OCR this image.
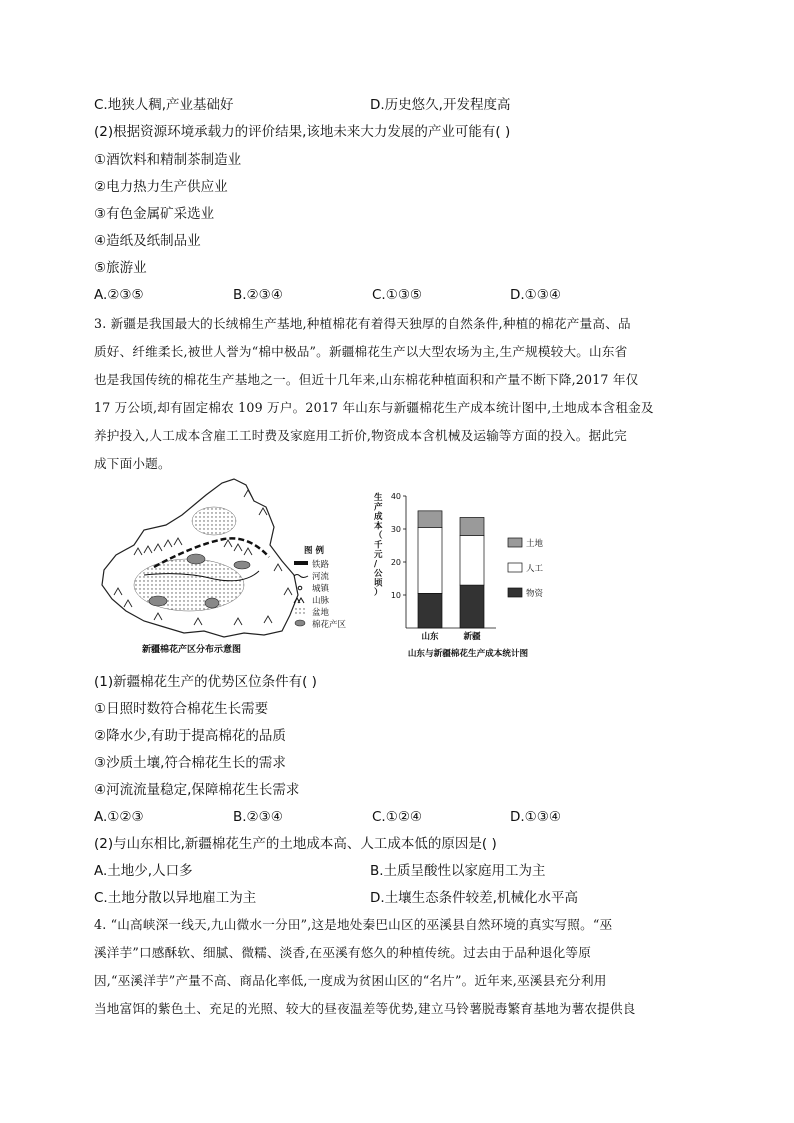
C.地狭人稠,产业基础好	D.历史悠久,开发程度高
(2)根据资源环境承载力的评价结果,该地未来大力发展的产业可能有( )
①酒饮料和精制茶制造业
②电力热力生产供应业
③有色金属矿采选业
④造纸及纸制品业
⑤旅游业
A.②③⑤	B.②③④	C.①③⑤	D.①③④
3. 新疆是我国最大的长绒棉生产基地,种植棉花有着得天独厚的自然条件,种植的棉花产量高、品
质好、纤维柔长,被世人誉为“棉中极品”。新疆棉花生产以大型农场为主,生产规模较大。山东省
也是我国传统的棉花生产基地之一。但近十几年来,山东棉花种植面积和产量不断下降,2017 年仅
17 万公顷,却有固定棉农 109 万户。2017 年山东与新疆棉花生产成本统计图中,土地成本含租金及
养护投入,人工成本含雇工工时费及家庭用工折价,物资成本含机械及运输等方面的投入。据此完
成下面小题。
图 例
铁路
河流
城镇
山脉
盆地
棉花产区
新疆棉花产区分布示意图
生
产
成
本
（
千
元
/
公
顷
） 10
20
30
40
山东	新疆
土地
人工
物资
山东与新疆棉花生产成本统计图
(1)新疆棉花生产的优势区位条件有( )
①日照时数符合棉花生长需要
②降水少,有助于提高棉花的品质
③沙质土壤,符合棉花生长的需求
④河流流量稳定,保障棉花生长需求
A.①②③	B.②③④	C.①②④	D.①③④
(2)与山东相比,新疆棉花生产的土地成本高、人工成本低的原因是( )
A.土地少,人口多	B.土质呈酸性以家庭用工为主
C.土地分散以异地雇工为主	D.土壤生态条件较差,机械化水平高
4. “山高峡深一线天,九山微水一分田”,这是地处秦巴山区的巫溪县自然环境的真实写照。“巫
溪洋芋”口感酥软、细腻、微糯、淡香,在巫溪有悠久的种植传统。过去由于品种退化等原
因,“巫溪洋芋”产量不高、商品化率低,一度成为贫困山区的“名片”。近年来,巫溪县充分利用
当地富饵的紫色土、充足的光照、较大的昼夜温差等优势,建立马铃薯脱毒繁育基地为薯农提供良
